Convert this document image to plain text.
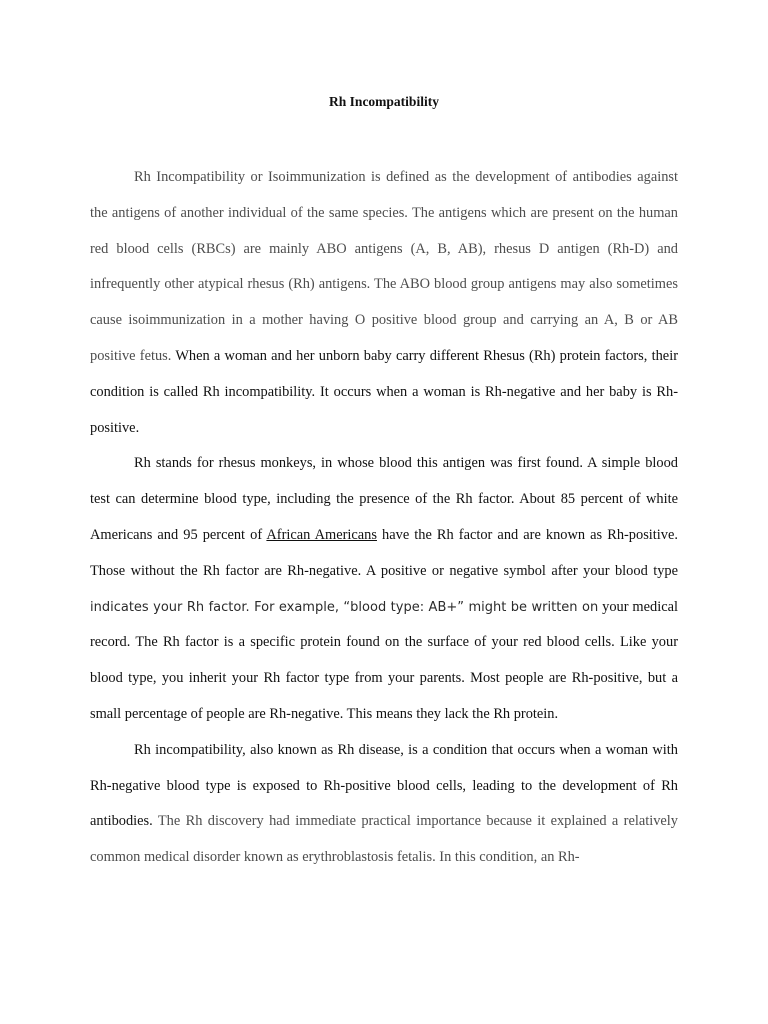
Rh Incompatibility

Rh Incompatibility or Isoimmunization is defined as the development of antibodies against the antigens of another individual of the same species. The antigens which are present on the human red blood cells (RBCs) are mainly ABO antigens (A, B, AB), rhesus D antigen (Rh-D) and infrequently other atypical rhesus (Rh) antigens. The ABO blood group antigens may also sometimes cause isoimmunization in a mother having O positive blood group and carrying an A, B or AB positive fetus. When a woman and her unborn baby carry different Rhesus (Rh) protein factors, their condition is called Rh incompatibility. It occurs when a woman is Rh-negative and her baby is Rh-positive.

Rh stands for rhesus monkeys, in whose blood this antigen was first found. A simple blood test can determine blood type, including the presence of the Rh factor. About 85 percent of white Americans and 95 percent of African Americans have the Rh factor and are known as Rh-positive. Those without the Rh factor are Rh-negative. A positive or negative symbol after your blood type indicates your Rh factor. For example, “blood type: AB+” might be written on your medical record. The Rh factor is a specific protein found on the surface of your red blood cells. Like your blood type, you inherit your Rh factor type from your parents. Most people are Rh-positive, but a small percentage of people are Rh-negative. This means they lack the Rh protein.

Rh incompatibility, also known as Rh disease, is a condition that occurs when a woman with Rh-negative blood type is exposed to Rh-positive blood cells, leading to the development of Rh antibodies. The Rh discovery had immediate practical importance because it explained a relatively common medical disorder known as erythroblastosis fetalis. In this condition, an Rh-
